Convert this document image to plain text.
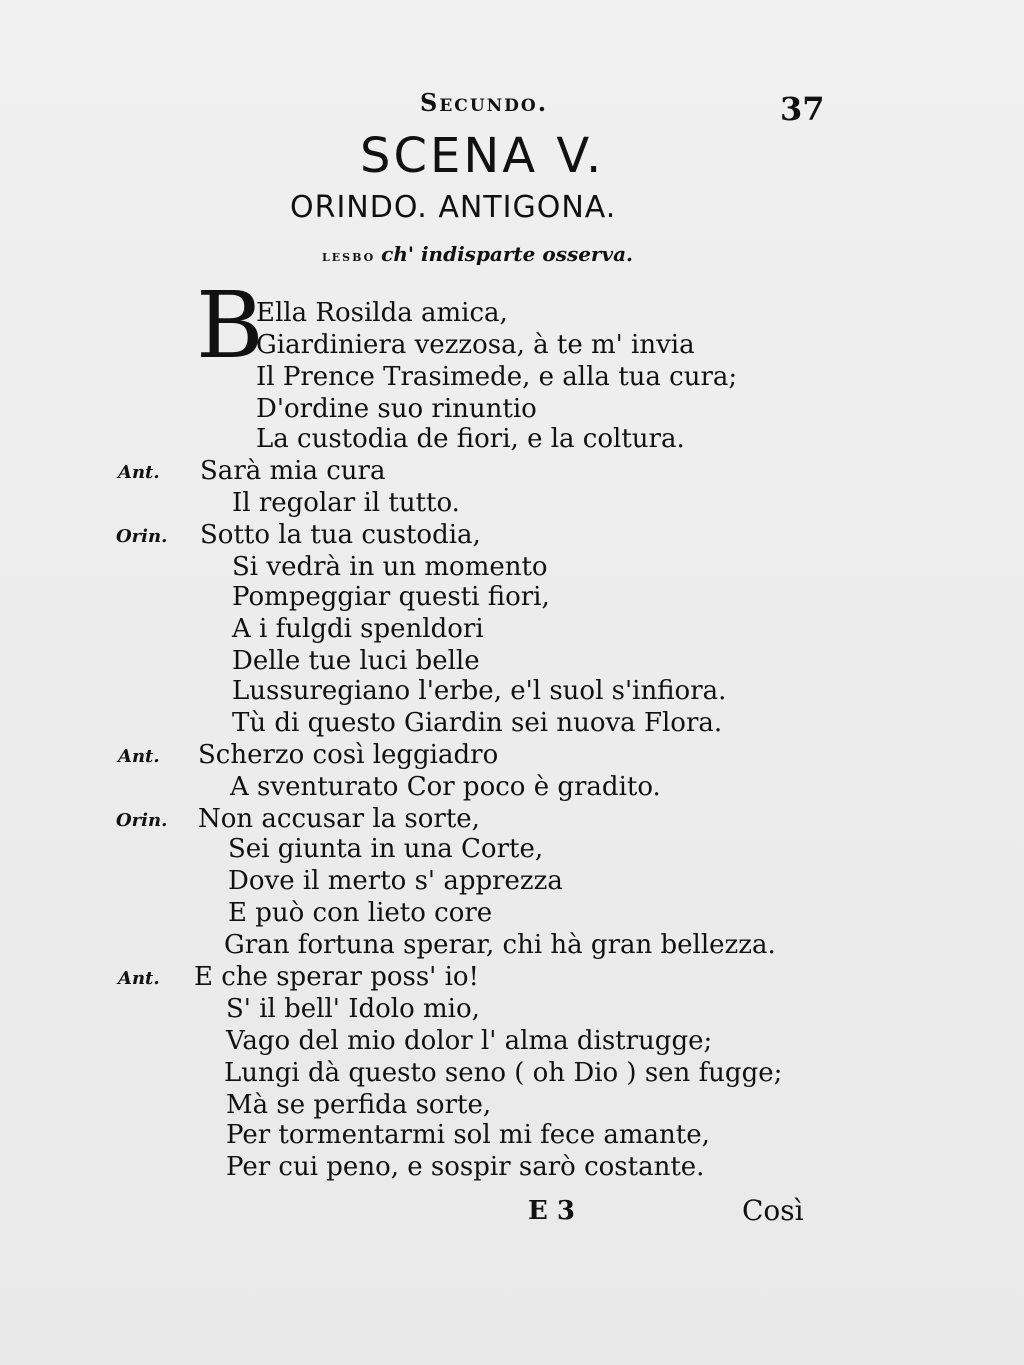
Secundo.	37
SCENA V.
ORINDO. ANTIGONA.
lesbo ch' indisparte osserva.
B
Ella Rosilda amica,
Giardiniera vezzosa, à te m' invia
Il Prence Trasimede, e alla tua cura;
D'ordine suo rinuntio
La custodia de fiori, e la coltura.
Sarà mia cura
Ant.
Il regolar il tutto.
Sotto la tua custodia,
Orin.
Si vedrà in un momento
Pompeggiar questi fiori,
A i fulgdi spenldori
Delle tue luci belle
Lussuregiano l'erbe, e'l suol s'infiora.
Tù di questo Giardin sei nuova Flora.
Scherzo così leggiadro
Ant.
A sventurato Cor poco è gradito.
Non accusar la sorte,
Orin.
Sei giunta in una Corte,
Dove il merto s' apprezza
E può con lieto core
Gran fortuna sperar, chi hà gran bellezza.
E che sperar poss' io!
Ant.
S' il bell' Idolo mio,
Vago del mio dolor l' alma distrugge;
Lungi dà questo seno ( oh Dio ) sen fugge;
Mà se perfida sorte,
Per tormentarmi sol mi fece amante,
Per cui peno, e sospir sarò costante.
E 3	Così
